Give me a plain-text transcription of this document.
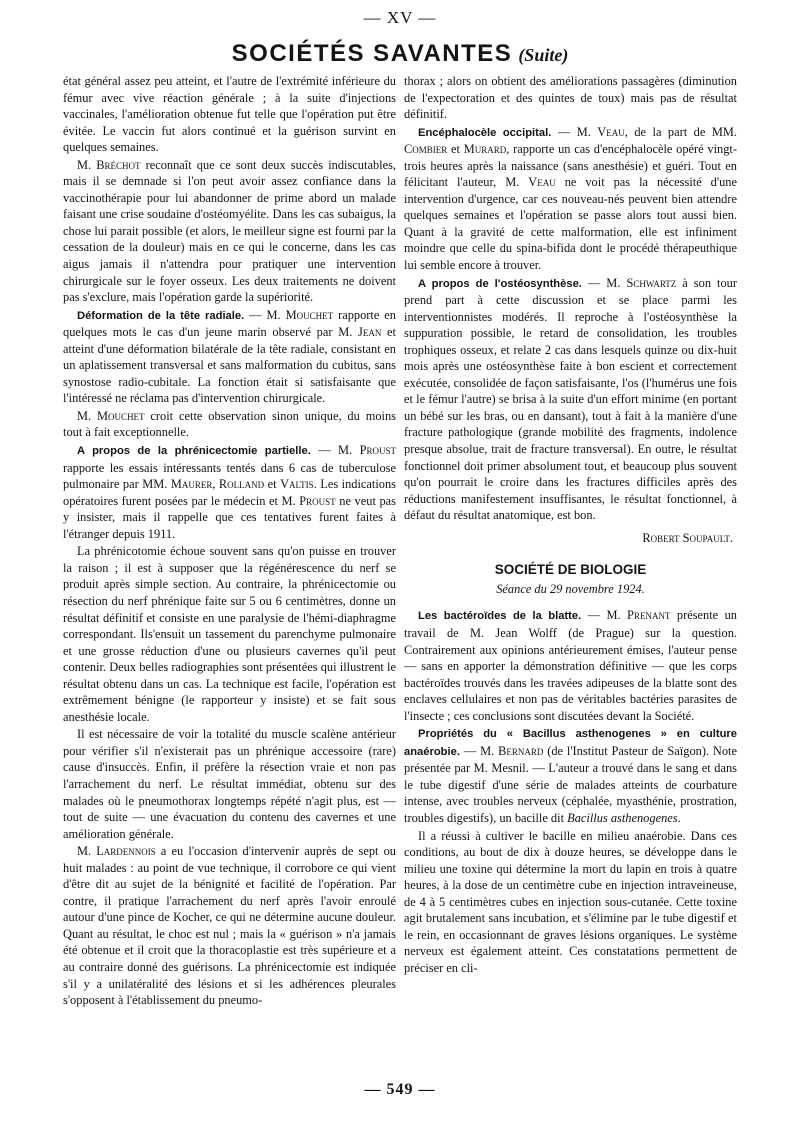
— XV —
SOCIÉTÉS SAVANTES (Suite)

état général assez peu atteint, et l'autre de l'extrémité inférieure du fémur avec vive réaction générale ; à la suite d'injections vaccinales, l'amélioration obtenue fut telle que l'opération put être évitée. Le vaccin fut alors continué et la guérison survint en quelques semaines.

M. Bréchot reconnaît que ce sont deux succès indiscutables, mais il se demnade si l'on peut avoir assez confiance dans la vaccinothérapie pour lui abandonner de prime abord un malade faisant une crise soudaine d'ostéomyélite. Dans les cas subaigus, la chose lui parait possible (et alors, le meilleur signe est fourni par la cessation de la douleur) mais en ce qui le concerne, dans les cas aigus jamais il n'attendra pour pratiquer une intervention chirurgicale sur le foyer osseux. Les deux traitements ne doivent pas s'exclure, mais l'opération garde la supériorité.

Déformation de la tête radiale. — M. Mouchet rapporte en quelques mots le cas d'un jeune marin observé par M. Jean et atteint d'une déformation bilatérale de la tête radiale, consistant en un aplatissement transversal et sans malformation du cubitus, sans synostose radio-cubitale. La fonction était si satisfaisante que l'intéressé ne réclama pas d'intervention chirurgicale.

M. Mouchet croit cette observation sinon unique, du moins tout à fait exceptionnelle.

A propos de la phrénicectomie partielle. — M. Proust rapporte les essais intéressants tentés dans 6 cas de tuberculose pulmonaire par MM. Maurer, Rolland et Valtis. Les indications opératoires furent posées par le médecin et M. Proust ne veut pas y insister, mais il rappelle que ces tentatives furent faites à l'étranger depuis 1911.

La phrénicotomie échoue souvent sans qu'on puisse en trouver la raison ; il est à supposer que la régénérescence du nerf se produit après simple section. Au contraire, la phrénicectomie ou résection du nerf phrénique faite sur 5 ou 6 centimètres, donne un résultat définitif et consiste en une paralysie de l'hémi-diaphragme correspondant. Ils'ensuit un tassement du parenchyme pulmonaire et une grosse réduction d'une ou plusieurs cavernes qu'il peut contenir. Deux belles radiographies sont présentées qui illustrent le résultat obtenu dans un cas. La technique est facile, l'opération est extrêmement bénigne (le rapporteur y insiste) et se fait sous anesthésie locale.

Il est nécessaire de voir la totalité du muscle scalène antérieur pour vérifier s'il n'existerait pas un phrénique accessoire (rare) cause d'insuccès. Enfin, il préfère la résection vraie et non pas l'arrachement du nerf. Le résultat immédiat, obtenu sur des malades où le pneumothorax longtemps répété n'agit plus, est — tout de suite — une évacuation du contenu des cavernes et une amélioration générale.

M. Lardennois a eu l'occasion d'intervenir auprès de sept ou huit malades : au point de vue technique, il corrobore ce qui vient d'être dit au sujet de la bénignité et facilité de l'opération. Par contre, il pratique l'arrachement du nerf après l'avoir enroulé autour d'une pince de Kocher, ce qui ne détermine aucune douleur. Quant au résultat, le choc est nul ; mais la « guérison » n'a jamais été obtenue et il croit que la thoracoplastie est très supérieure et a au contraire donné des guérisons. La phrénicectomie est indiquée s'il y a unilatéralité des lésions et si les adhérences pleurales s'opposent à l'établissement du pneumo-

thorax ; alors on obtient des améliorations passagères (diminution de l'expectoration et des quintes de toux) mais pas de résultat définitif.

Encéphalocèle occipital. — M. Veau, de la part de MM. Combier et Murard, rapporte un cas d'encéphalocèle opéré vingt-trois heures après la naissance (sans anesthésie) et guéri. Tout en félicitant l'auteur, M. Veau ne voit pas la nécessité d'une intervention d'urgence, car ces nouveau-nés peuvent bien attendre quelques semaines et l'opération se passe alors tout aussi bien. Quant à la gravité de cette malformation, elle est infiniment moindre que celle du spina-bifida dont le procédé thérapeuthique lui semble encore à trouver.

A propos de l'ostéosynthèse. — M. Schwartz à son tour prend part à cette discussion et se place parmi les interventionnistes modérés. Il reproche à l'ostéosynthèse la suppuration possible, le retard de consolidation, les troubles trophiques osseux, et relate 2 cas dans lesquels quinze ou dix-huit mois après une ostéosynthèse faite à bon escient et correctement exécutée, consolidée de façon satisfaisante, l'os (l'humérus une fois et le fémur l'autre) se brisa à la suite d'un effort minime (en portant un bébé sur les bras, ou en dansant), tout à fait à la manière d'une fracture pathologique (grande mobilité des fragments, indolence presque absolue, trait de fracture transversal). En outre, le résultat fonctionnel doit primer absolument tout, et beaucoup plus souvent qu'on pourrait le croire dans les fractures difficiles après des réductions manifestement insuffisantes, le résultat fonctionnel, à défaut du résultat anatomique, est bon.

Robert Soupault.
SOCIÉTÉ DE BIOLOGIE
Séance du 29 novembre 1924.

Les bactéroïdes de la blatte. — M. Prenant présente un travail de M. Jean Wolff (de Prague) sur la question. Contrairement aux opinions antérieurement émises, l'auteur pense — sans en apporter la démonstration définitive — que les corps bactéroïdes trouvés dans les travées adipeuses de la blatte sont des enclaves cellulaires et non pas de véritables bactéries parasites de l'insecte ; ces conclusions sont discutées devant la Société.

Propriétés du « Bacillus asthenogenes » en culture anaérobie. — M. Bernard (de l'Institut Pasteur de Saïgon). Note présentée par M. Mesnil. — L'auteur a trouvé dans le sang et dans le tube digestif d'une série de malades atteints de courbature intense, avec troubles nerveux (céphalée, myasthénie, prostration, troubles digestifs), un bacille dit Bacillus asthenogenes.

Il a réussi à cultiver le bacille en milieu anaérobie. Dans ces conditions, au bout de dix à douze heures, se développe dans le milieu une toxine qui détermine la mort du lapin en trois à quatre heures, à la dose de un centimètre cube en injection intraveineuse, de 4 à 5 centimètres cubes en injection sous-cutanée. Cette toxine agit brutalement sans incubation, et s'élimine par le tube digestif et le rein, en occasionnant de graves lésions organiques. Le système nerveux est également atteint. Ces constatations permettent de préciser en cli-

— 549 —
